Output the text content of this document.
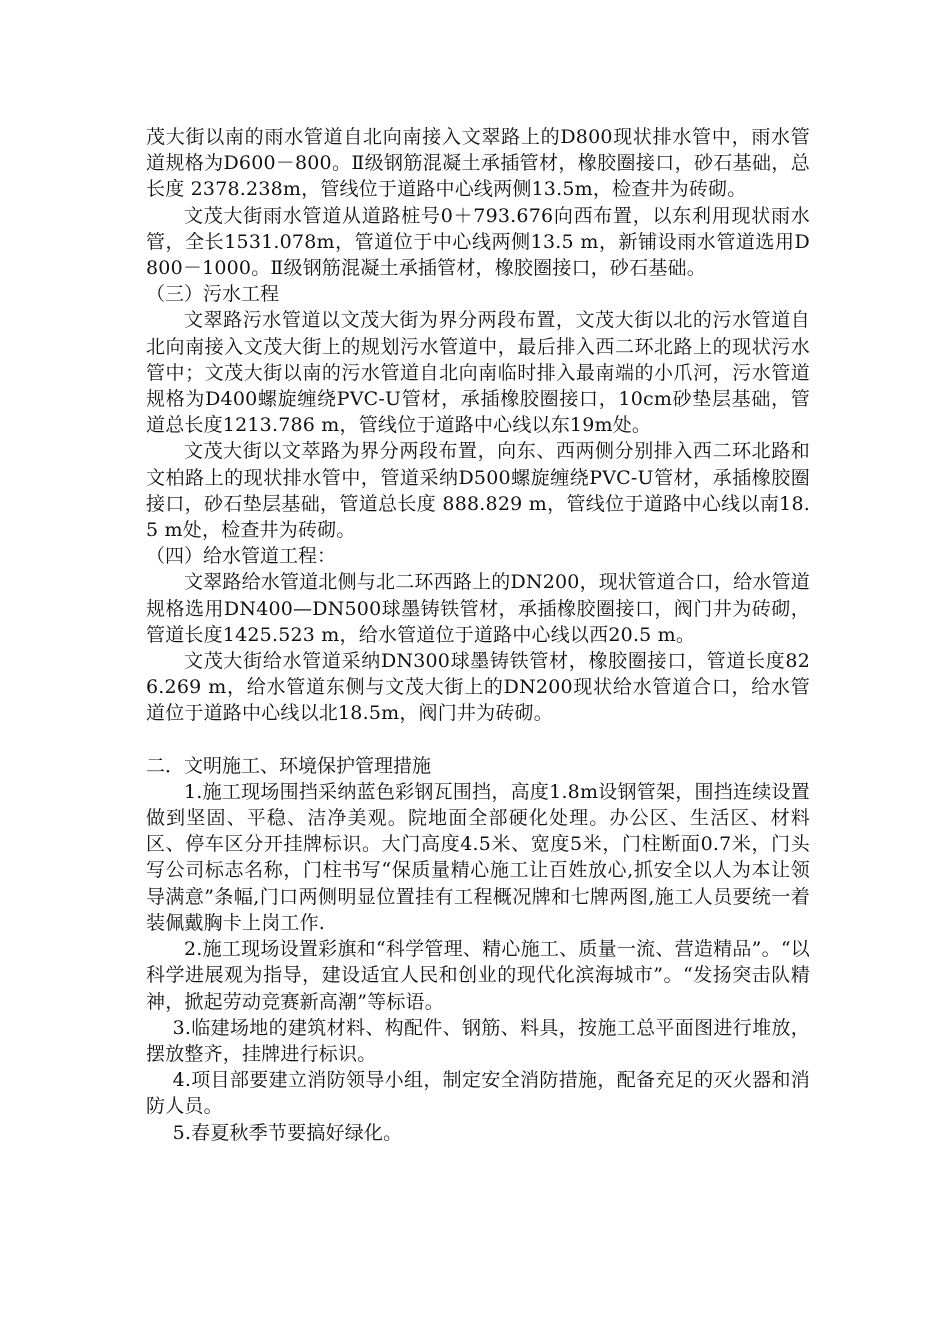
茂大街以南的雨水管道自北向南接入文翠路上的D800现状排水管中，雨水管道规格为D600－800。Ⅱ级钢筋混凝土承插管材，橡胶圈接口，砂石基础，总长度 2378.238m，管线位于道路中心线两侧13.5m，检查井为砖砌。

文茂大街雨水管道从道路桩号0＋793.676向西布置，以东利用现状雨水管，全长1531.078m，管道位于中心线两侧13.5 m，新铺设雨水管道选用D800－1000。Ⅱ级钢筋混凝土承插管材，橡胶圈接口，砂石基础。

（三）污水工程

文翠路污水管道以文茂大街为界分两段布置，文茂大街以北的污水管道自北向南接入文茂大街上的规划污水管道中，最后排入西二环北路上的现状污水管中；文茂大街以南的污水管道自北向南临时排入最南端的小爪河，污水管道规格为D400螺旋缠绕PVC-U管材，承插橡胶圈接口，10cm砂垫层基础，管道总长度1213.786 m，管线位于道路中心线以东19m处。

文茂大街以文萃路为界分两段布置，向东、西两侧分别排入西二环北路和文柏路上的现状排水管中，管道采纳D500螺旋缠绕PVC-U管材，承插橡胶圈接口，砂石垫层基础，管道总长度 888.829 m，管线位于道路中心线以南18.5 m处，检查井为砖砌。

（四）给水管道工程：

文翠路给水管道北侧与北二环西路上的DN200，现状管道合口，给水管道规格选用DN400—DN500球墨铸铁管材，承插橡胶圈接口，阀门井为砖砌，管道长度1425.523 m，给水管道位于道路中心线以西20.5 m。

文茂大街给水管道采纳DN300球墨铸铁管材，橡胶圈接口，管道长度826.269 m，给水管道东侧与文茂大街上的DN200现状给水管道合口，给水管道位于道路中心线以北18.5m，阀门井为砖砌。

二．文明施工、环境保护管理措施

1.施工现场围挡采纳蓝色彩钢瓦围挡，高度1.8m设钢管架，围挡连续设置做到坚固、平稳、洁净美观。院地面全部硬化处理。办公区、生活区、材料区、停车区分开挂牌标识。大门高度4.5米、宽度5米，门柱断面0.7米，门头写公司标志名称，门柱书写“保质量精心施工让百姓放心,抓安全以人为本让领导满意”条幅,门口两侧明显位置挂有工程概况牌和七牌两图,施工人员要统一着装佩戴胸卡上岗工作.

2.施工现场设置彩旗和“科学管理、精心施工、质量一流、营造精品”。“以科学进展观为指导，建设适宜人民和创业的现代化滨海城市”。“发扬突击队精神，掀起劳动竞赛新高潮”等标语。

3.临建场地的建筑材料、构配件、钢筋、料具，按施工总平面图进行堆放，摆放整齐，挂牌进行标识。

4.项目部要建立消防领导小组，制定安全消防措施，配备充足的灭火器和消防人员。

5.春夏秋季节要搞好绿化。
